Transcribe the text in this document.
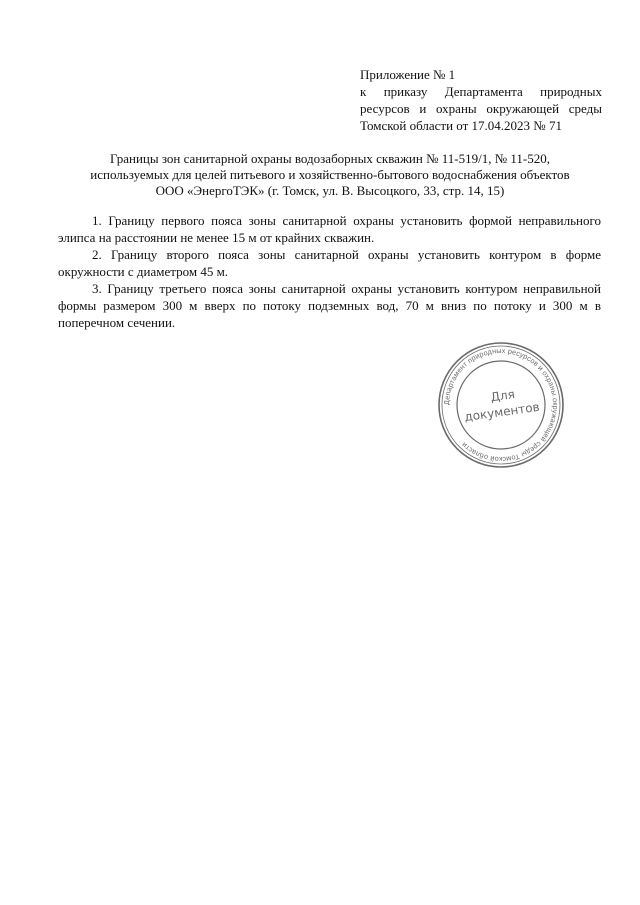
Приложение № 1
к приказу Департамента природных
ресурсов и охраны окружающей среды
Томской области от 17.04.2023 № 71
Границы зон санитарной охраны водозаборных скважин № 11-519/1, № 11-520,
используемых для целей питьевого и хозяйственно-бытового водоснабжения объектов
ООО «ЭнергоТЭК» (г. Томск, ул. В. Высоцкого, 33, стр. 14, 15)

1. Границу первого пояса зоны санитарной охраны установить формой неправильного элипса на расстоянии не менее 15 м от крайних скважин.

2. Границу второго пояса зоны санитарной охраны установить контуром в форме окружности с диаметром 45 м.

3. Границу третьего пояса зоны санитарной охраны установить контуром неправильной формы размером 300 м вверх по потоку подземных вод, 70 м вниз по потоку и 300 м в поперечном сечении.

Департамент природных ресурсов и охраны окружающей среды Томской области
Для
документов
